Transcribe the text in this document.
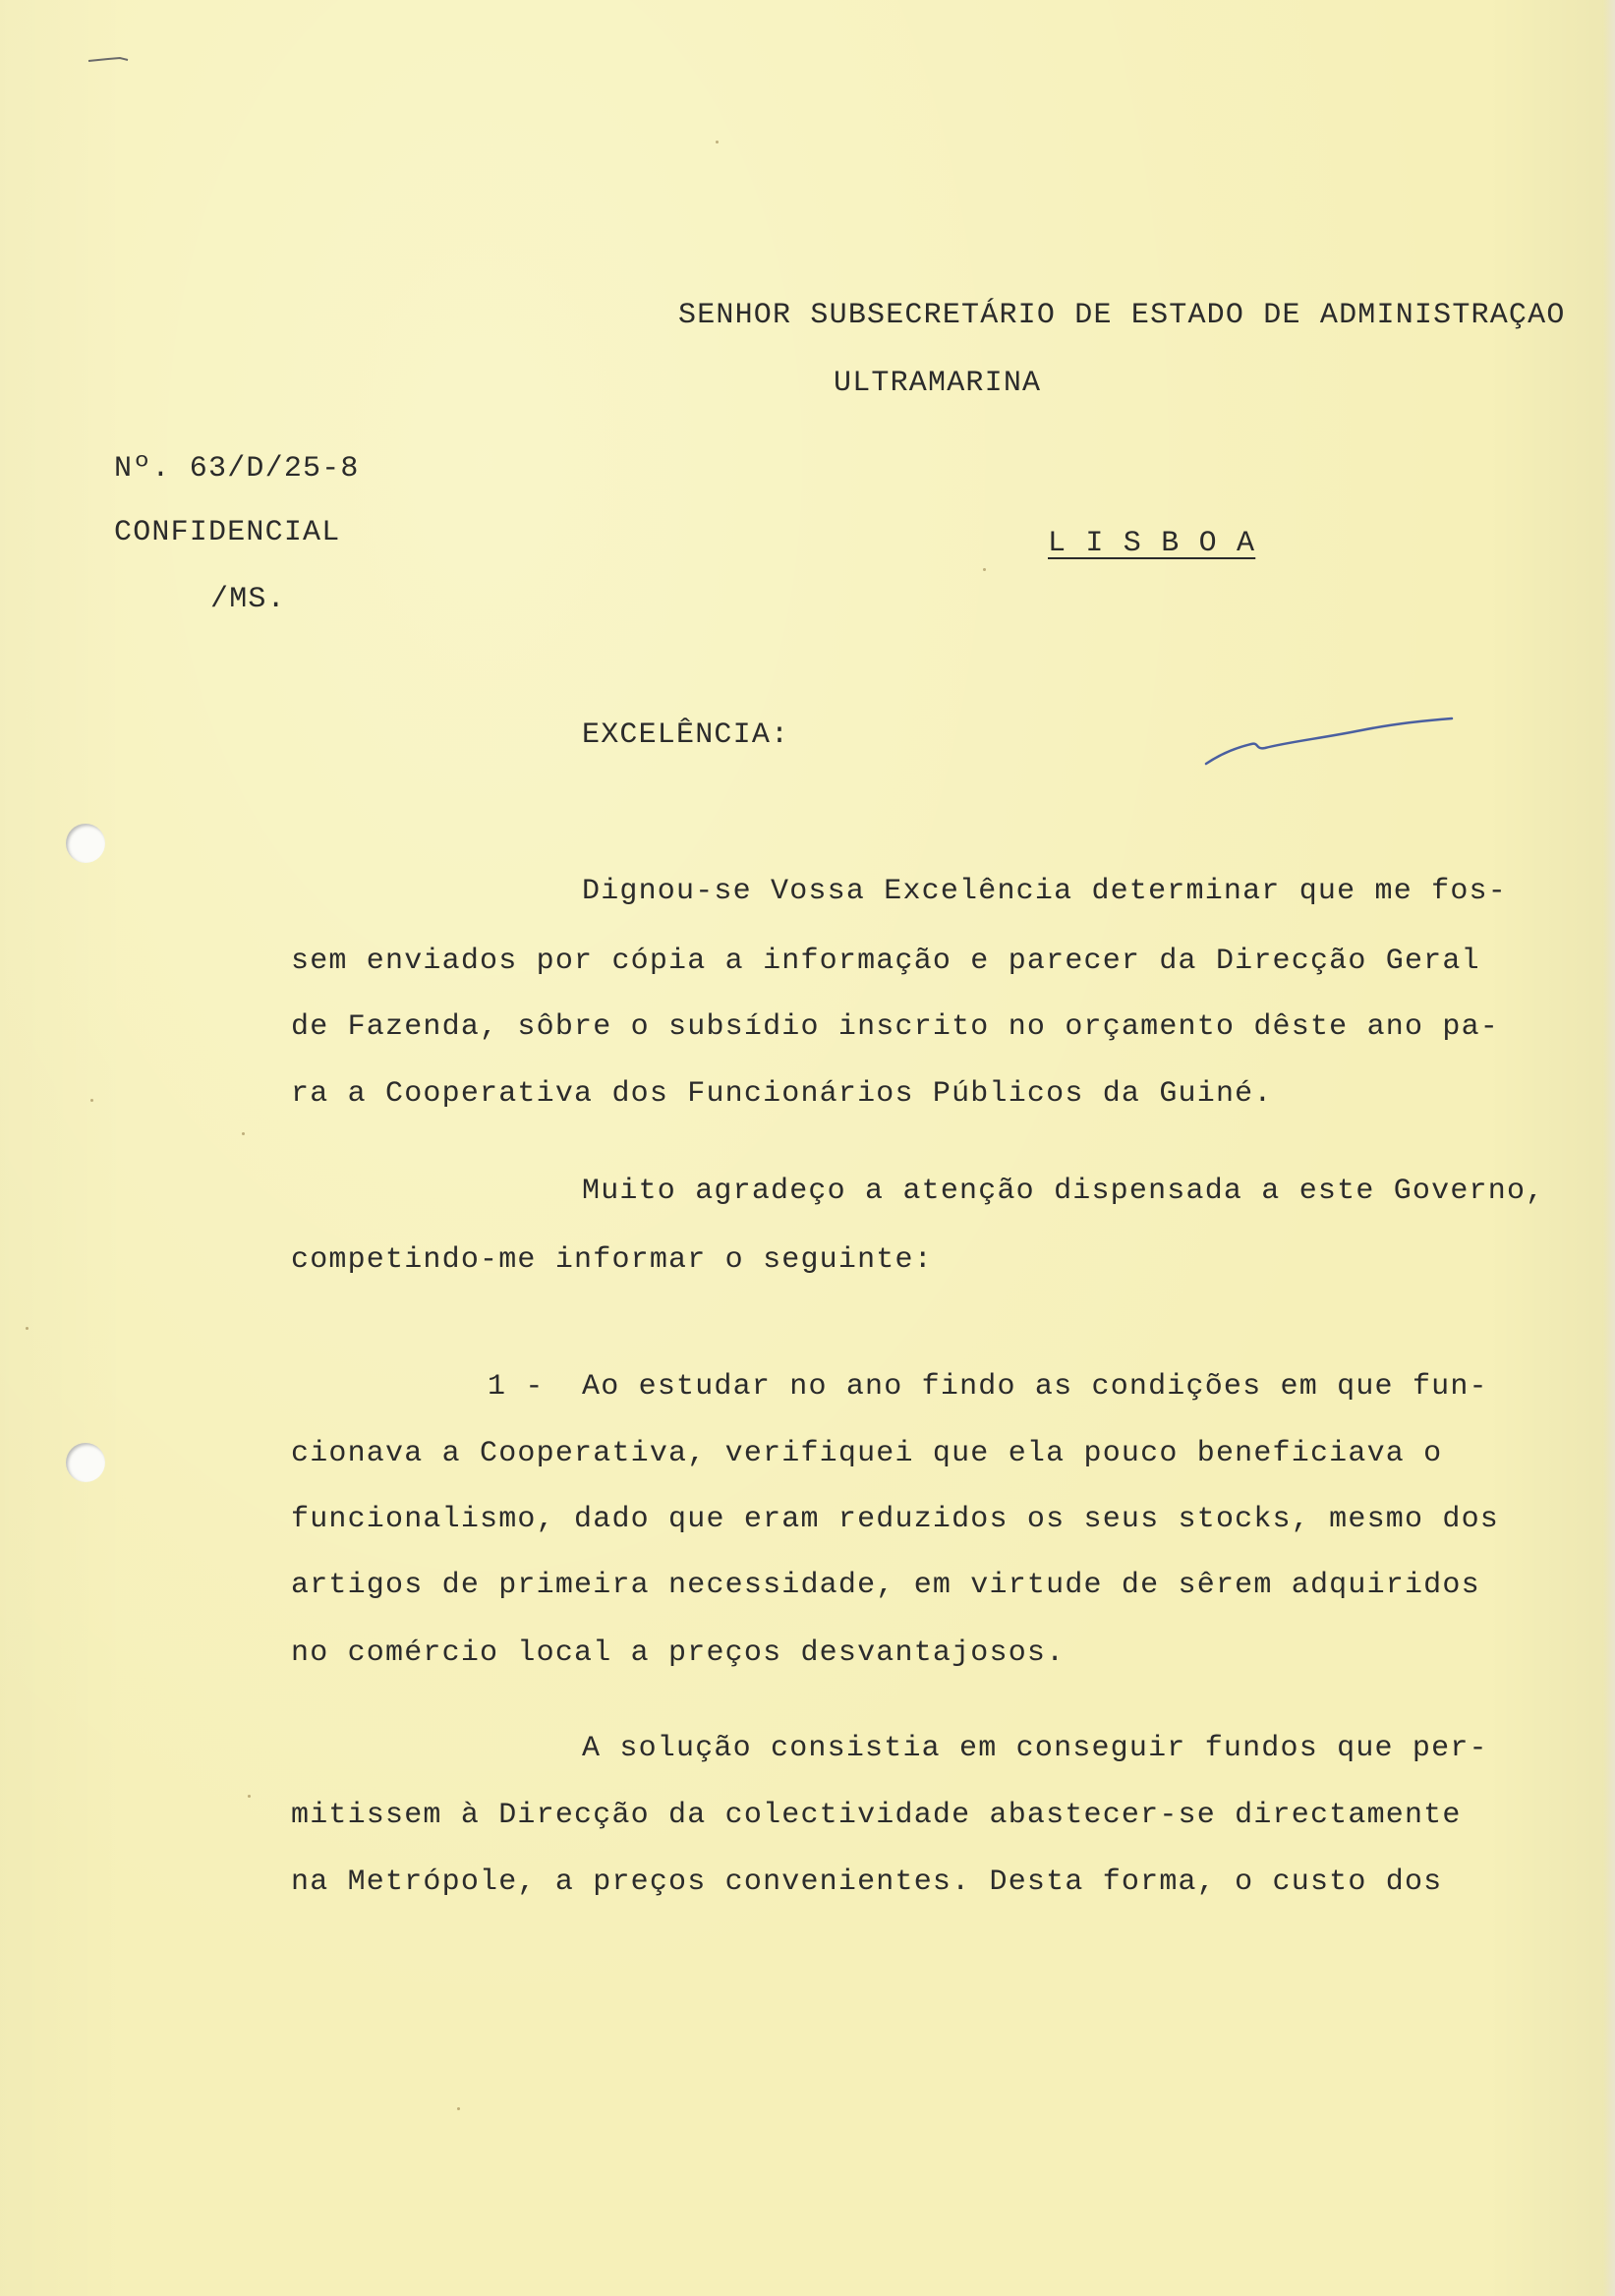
SENHOR SUBSECRETÁRIO DE ESTADO DE ADMINISTRAÇAO
ULTRAMARINA
Nº. 63/D/25-8
CONFIDENCIAL
/MS.
L I S B O A
EXCELÊNCIA:
Dignou-se Vossa Excelência determinar que me fos-
sem enviados por cópia a informação e parecer da Direcção Geral
de Fazenda, sôbre o subsídio inscrito no orçamento dêste ano pa-
ra a Cooperativa dos Funcionários Públicos da Guiné.
Muito agradeço a atenção dispensada a este Governo,
competindo-me informar o seguinte:
1 -  Ao estudar no ano findo as condições em que fun-
cionava a Cooperativa, verifiquei que ela pouco beneficiava o
funcionalismo, dado que eram reduzidos os seus stocks, mesmo dos
artigos de primeira necessidade, em virtude de sêrem adquiridos
no comércio local a preços desvantajosos.
A solução consistia em conseguir fundos que per-
mitissem à Direcção da colectividade abastecer-se directamente
na Metrópole, a preços convenientes. Desta forma, o custo dos
